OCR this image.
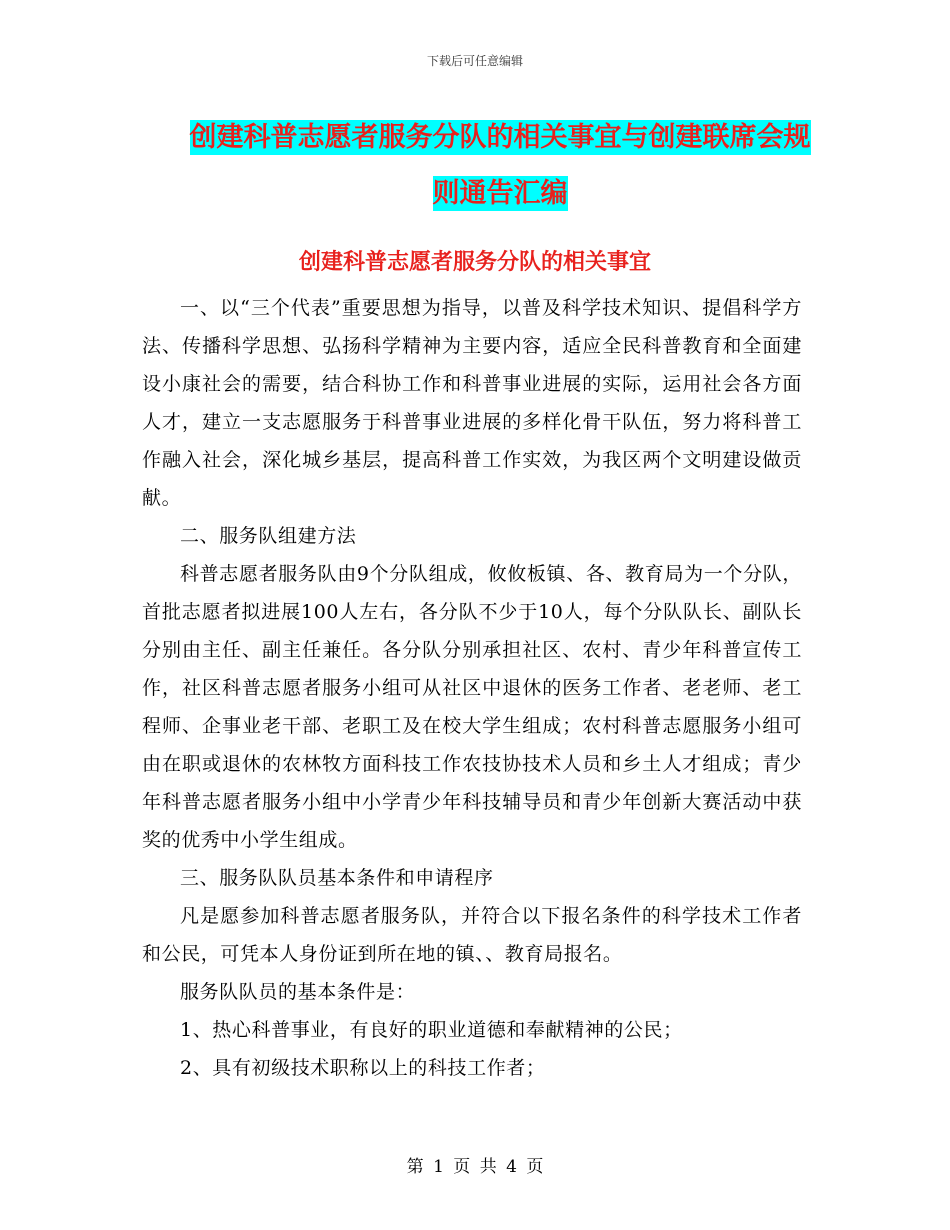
下载后可任意编辑
创建科普志愿者服务分队的相关事宜与创建联席会规
则通告汇编
创建科普志愿者服务分队的相关事宜

一、以“三个代表”重要思想为指导，以普及科学技术知识、提倡科学方法、传播科学思想、弘扬科学精神为主要内容，适应全民科普教育和全面建设小康社会的需要，结合科协工作和科普事业进展的实际，运用社会各方面人才，建立一支志愿服务于科普事业进展的多样化骨干队伍，努力将科普工作融入社会，深化城乡基层，提高科普工作实效，为我区两个文明建设做贡献。

二、服务队组建方法

科普志愿者服务队由9个分队组成，攸攸板镇、各、教育局为一个分队，首批志愿者拟进展100人左右，各分队不少于10人，每个分队队长、副队长分别由主任、副主任兼任。各分队分别承担社区、农村、青少年科普宣传工作，社区科普志愿者服务小组可从社区中退休的医务工作者、老老师、老工程师、企事业老干部、老职工及在校大学生组成；农村科普志愿服务小组可由在职或退休的农林牧方面科技工作农技协技术人员和乡土人才组成；青少年科普志愿者服务小组中小学青少年科技辅导员和青少年创新大赛活动中获奖的优秀中小学生组成。

三、服务队队员基本条件和申请程序

凡是愿参加科普志愿者服务队，并符合以下报名条件的科学技术工作者和公民，可凭本人身份证到所在地的镇、、教育局报名。

服务队队员的基本条件是：

1、热心科普事业，有良好的职业道德和奉献精神的公民；

2、具有初级技术职称以上的科技工作者；

第 1 页 共 4 页
